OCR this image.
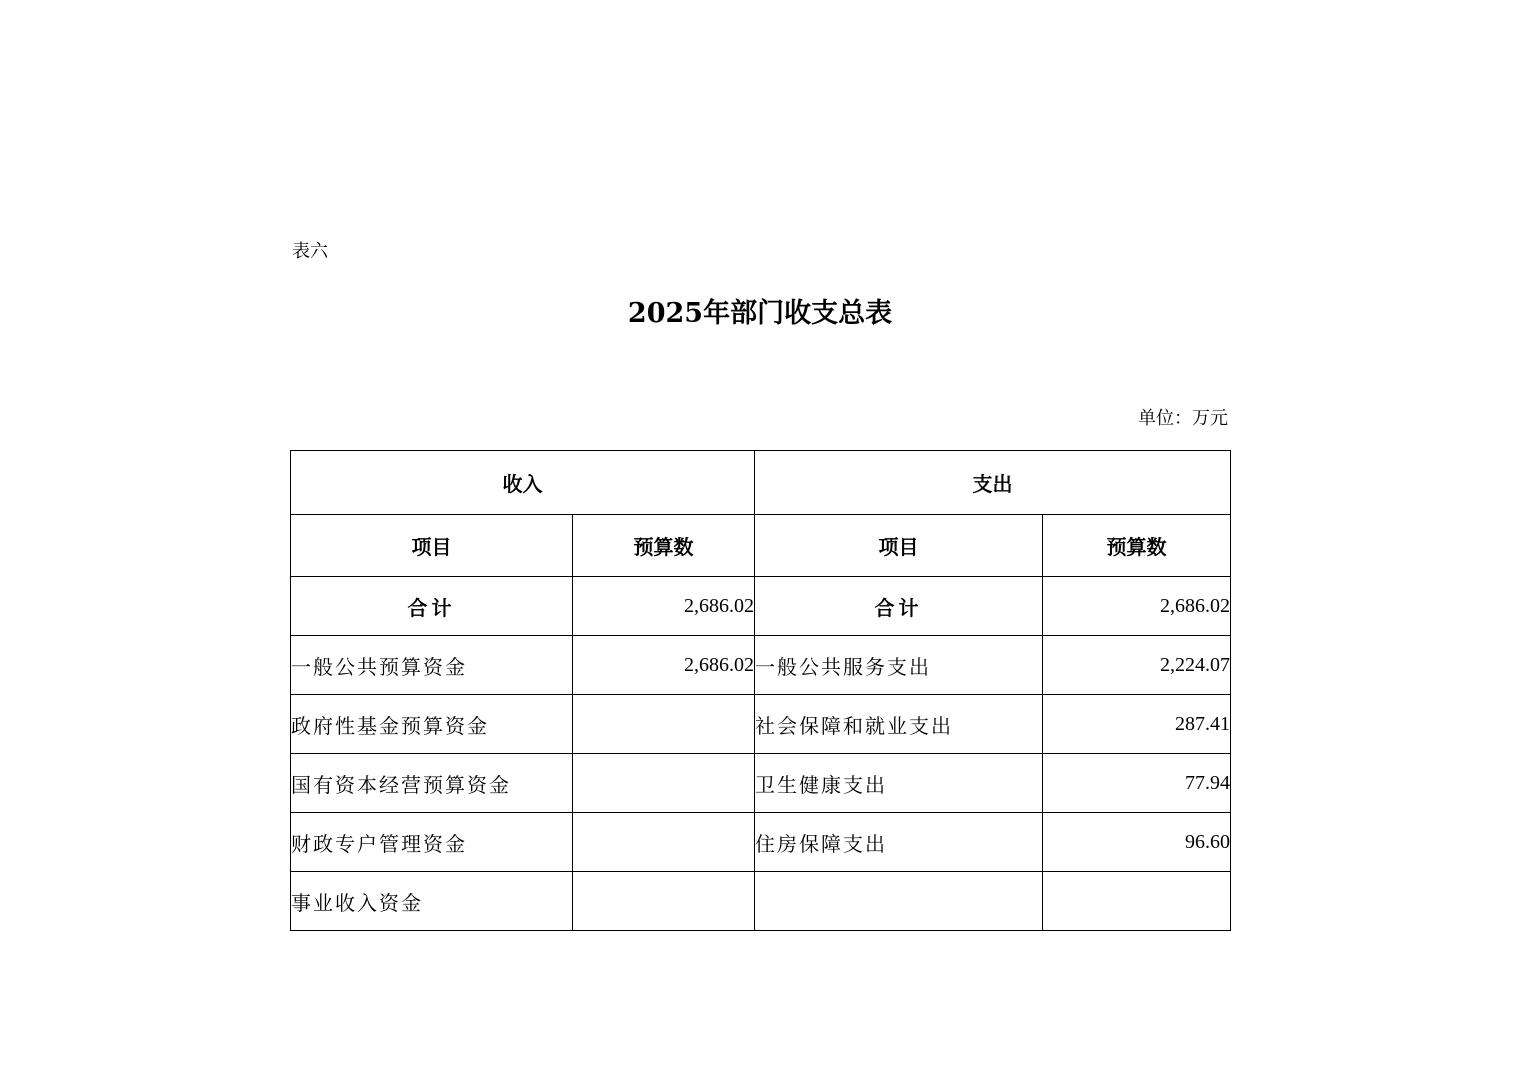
表六
2025年部门收支总表
单位：万元
收入		支出	
项目	预算数	项目	预算数
合计	2,686.02	合计	2,686.02
一般公共预算资金	2,686.02	一般公共服务支出	2,224.07
政府性基金预算资金		社会保障和就业支出	287.41
国有资本经营预算资金		卫生健康支出	77.94
财政专户管理资金		住房保障支出	96.60
事业收入资金			
